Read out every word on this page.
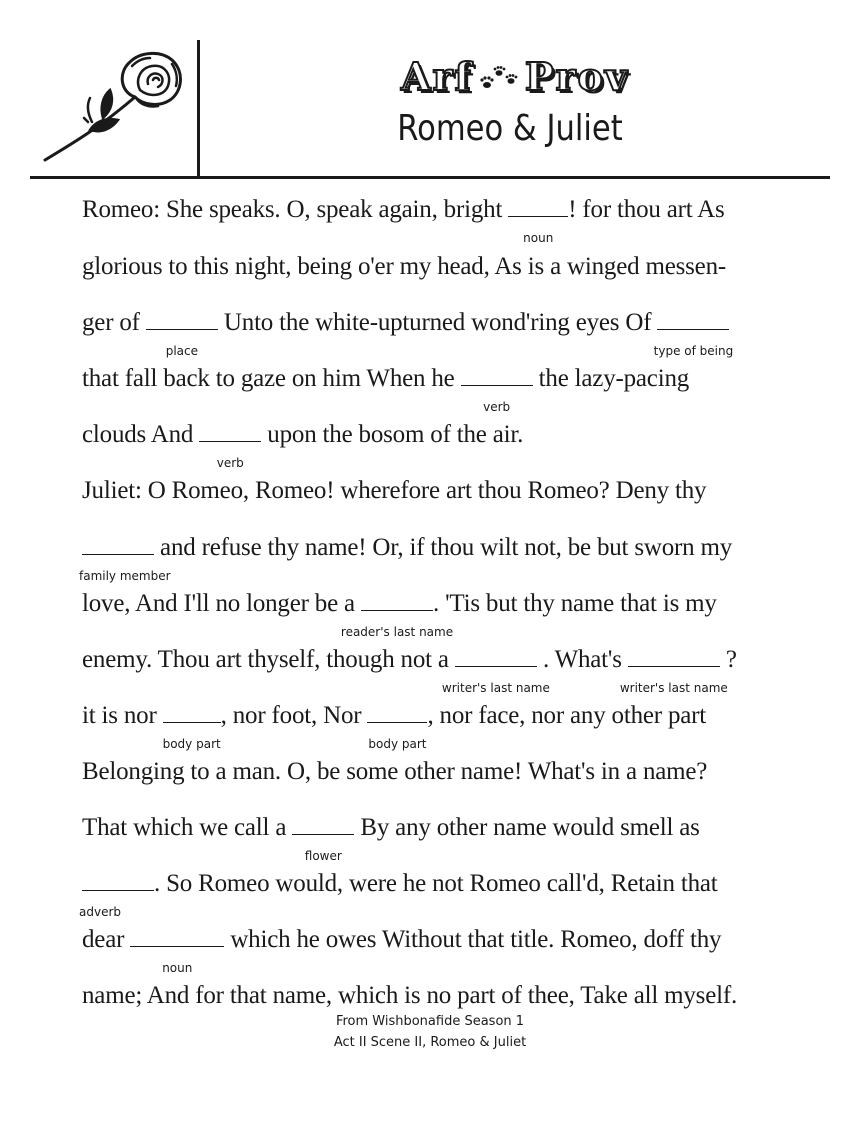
Arf Prov
Romeo & Juliet
Romeo: She speaks. O, speak again, bright
noun
! for thou art As
glorious to this night, being o'er my head, As is a winged messen-
ger of
place
Unto the white-upturned wond'ring eyes Of
type of being
that fall back to gaze on him When he
verb
the lazy-pacing
clouds And
verb
upon the bosom of the air.
Juliet: O Romeo, Romeo! wherefore art thou Romeo? Deny thy
family member
and refuse thy name! Or, if thou wilt not, be but sworn my
love, And I'll no longer be a
reader's last name
. 'Tis but thy name that is my
enemy. Thou art thyself, though not a
writer's last name
. What's
writer's last name
?
it is nor
body part
, nor foot, Nor
body part
, nor face, nor any other part
Belonging to a man. O, be some other name! What's in a name?
That which we call a
flower
By any other name would smell as
adverb
. So Romeo would, were he not Romeo call'd, Retain that
dear
noun
which he owes Without that title. Romeo, doff thy
name; And for that name, which is no part of thee, Take all myself.
From Wishbonafide Season 1
Act II Scene II, Romeo & Juliet
